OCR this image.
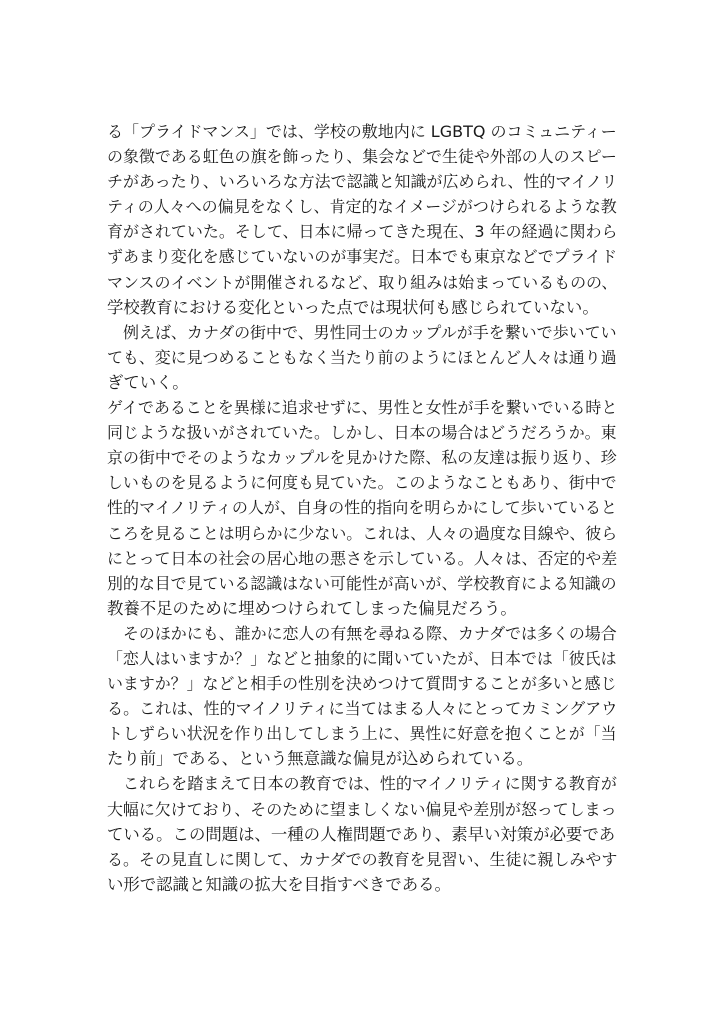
る「プライドマンス」では、学校の敷地内に LGBTQ のコミュニティー
の象徴である虹色の旗を飾ったり、集会などで生徒や外部の人のスピー
チがあったり、いろいろな方法で認識と知識が広められ、性的マイノリ
ティの人々への偏見をなくし、肯定的なイメージがつけられるような教
育がされていた。そして、日本に帰ってきた現在、3 年の経過に関わら
ずあまり変化を感じていないのが事実だ。日本でも東京などでプライド
マンスのイベントが開催されるなど、取り組みは始まっているものの、
学校教育における変化といった点では現状何も感じられていない。
　例えば、カナダの街中で、男性同士のカップルが手を繋いで歩いてい
ても、変に見つめることもなく当たり前のようにほとんど人々は通り過
ぎていく。
ゲイであることを異様に追求せずに、男性と女性が手を繋いでいる時と
同じような扱いがされていた。しかし、日本の場合はどうだろうか。東
京の街中でそのようなカップルを見かけた際、私の友達は振り返り、珍
しいものを見るように何度も見ていた。このようなこともあり、街中で
性的マイノリティの人が、自身の性的指向を明らかにして歩いていると
ころを見ることは明らかに少ない。これは、人々の過度な目線や、彼ら
にとって日本の社会の居心地の悪さを示している。人々は、否定的や差
別的な目で見ている認識はない可能性が高いが、学校教育による知識の
教養不足のために埋めつけられてしまった偏見だろう。
　そのほかにも、誰かに恋人の有無を尋ねる際、カナダでは多くの場合
「恋人はいますか？」などと抽象的に聞いていたが、日本では「彼氏は
いますか？」などと相手の性別を決めつけて質問することが多いと感じ
る。これは、性的マイノリティに当てはまる人々にとってカミングアウ
トしずらい状況を作り出してしまう上に、異性に好意を抱くことが「当
たり前」である、という無意識な偏見が込められている。
　これらを踏まえて日本の教育では、性的マイノリティに関する教育が
大幅に欠けており、そのために望ましくない偏見や差別が怒ってしまっ
ている。この問題は、一種の人権問題であり、素早い対策が必要であ
る。その見直しに関して、カナダでの教育を見習い、生徒に親しみやす
い形で認識と知識の拡大を目指すべきである。
